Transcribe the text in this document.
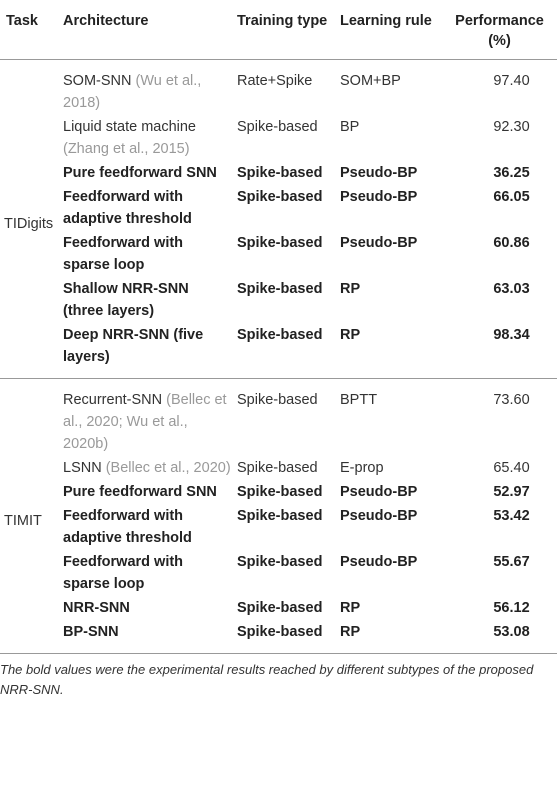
Task	Architecture	Training type	Learning rule	Performance (%)
TIDigits	SOM-SNN (Wu et al., 2018)	Rate+Spike	SOM+BP	97.40
	Liquid state machine (Zhang et al., 2015)	Spike-based	BP	92.30
	Pure feedforward SNN	Spike-based	Pseudo-BP	36.25
	Feedforward with adaptive threshold	Spike-based	Pseudo-BP	66.05
	Feedforward with sparse loop	Spike-based	Pseudo-BP	60.86
	Shallow NRR-SNN (three layers)	Spike-based	RP	63.03
	Deep NRR-SNN (five layers)	Spike-based	RP	98.34
TIMIT	Recurrent-SNN (Bellec et al., 2020; Wu et al., 2020b)	Spike-based	BPTT	73.60
	LSNN (Bellec et al., 2020)	Spike-based	E-prop	65.40
	Pure feedforward SNN	Spike-based	Pseudo-BP	52.97
	Feedforward with adaptive threshold	Spike-based	Pseudo-BP	53.42
	Feedforward with sparse loop	Spike-based	Pseudo-BP	55.67
	NRR-SNN	Spike-based	RP	56.12
	BP-SNN	Spike-based	RP	53.08
The bold values were the experimental results reached by different subtypes of the proposed NRR-SNN.
